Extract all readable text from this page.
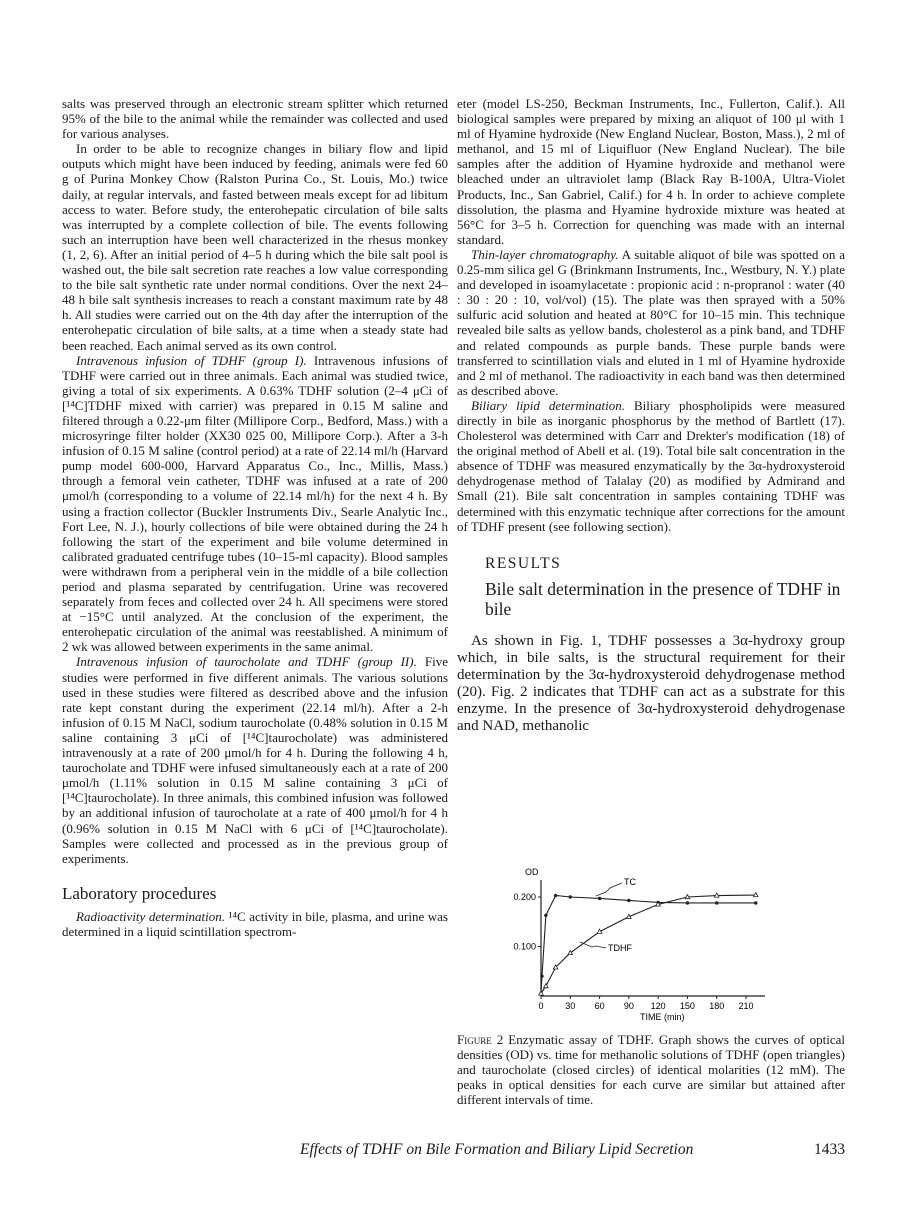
salts was preserved through an electronic stream splitter which returned 95% of the bile to the animal while the remainder was collected and used for various analyses.

In order to be able to recognize changes in biliary flow and lipid outputs which might have been induced by feeding, animals were fed 60 g of Purina Monkey Chow (Ralston Purina Co., St. Louis, Mo.) twice daily, at regular intervals, and fasted between meals except for ad libitum access to water. Before study, the enterohepatic circulation of bile salts was interrupted by a complete collection of bile. The events following such an interruption have been well characterized in the rhesus monkey (1, 2, 6). After an initial period of 4–5 h during which the bile salt pool is washed out, the bile salt secretion rate reaches a low value corresponding to the bile salt synthetic rate under normal conditions. Over the next 24–48 h bile salt synthesis increases to reach a constant maximum rate by 48 h. All studies were carried out on the 4th day after the interruption of the enterohepatic circulation of bile salts, at a time when a steady state had been reached. Each animal served as its own control.

Intravenous infusion of TDHF (group I). Intravenous infusions of TDHF were carried out in three animals. Each animal was studied twice, giving a total of six experiments. A 0.63% TDHF solution (2–4 μCi of [¹⁴C]TDHF mixed with carrier) was prepared in 0.15 M saline and filtered through a 0.22-μm filter (Millipore Corp., Bedford, Mass.) with a microsyringe filter holder (XX30 025 00, Millipore Corp.). After a 3-h infusion of 0.15 M saline (control period) at a rate of 22.14 ml/h (Harvard pump model 600-000, Harvard Apparatus Co., Inc., Millis, Mass.) through a femoral vein catheter, TDHF was infused at a rate of 200 μmol/h (corresponding to a volume of 22.14 ml/h) for the next 4 h. By using a fraction collector (Buckler Instruments Div., Searle Analytic Inc., Fort Lee, N. J.), hourly collections of bile were obtained during the 24 h following the start of the experiment and bile volume determined in calibrated graduated centrifuge tubes (10–15-ml capacity). Blood samples were withdrawn from a peripheral vein in the middle of a bile collection period and plasma separated by centrifugation. Urine was recovered separately from feces and collected over 24 h. All specimens were stored at −15°C until analyzed. At the conclusion of the experiment, the enterohepatic circulation of the animal was reestablished. A minimum of 2 wk was allowed between experiments in the same animal.

Intravenous infusion of taurocholate and TDHF (group II). Five studies were performed in five different animals. The various solutions used in these studies were filtered as described above and the infusion rate kept constant during the experiment (22.14 ml/h). After a 2-h infusion of 0.15 M NaCl, sodium taurocholate (0.48% solution in 0.15 M saline containing 3 μCi of [¹⁴C]taurocholate) was administered intravenously at a rate of 200 μmol/h for 4 h. During the following 4 h, taurocholate and TDHF were infused simultaneously each at a rate of 200 μmol/h (1.11% solution in 0.15 M saline containing 3 μCi of [¹⁴C]taurocholate). In three animals, this combined infusion was followed by an additional infusion of taurocholate at a rate of 400 μmol/h for 4 h (0.96% solution in 0.15 M NaCl with 6 μCi of [¹⁴C]taurocholate). Samples were collected and processed as in the previous group of experiments.

Laboratory procedures

Radioactivity determination. ¹⁴C activity in bile, plasma, and urine was determined in a liquid scintillation spectrom-

eter (model LS-250, Beckman Instruments, Inc., Fullerton, Calif.). All biological samples were prepared by mixing an aliquot of 100 μl with 1 ml of Hyamine hydroxide (New England Nuclear, Boston, Mass.), 2 ml of methanol, and 15 ml of Liquifluor (New England Nuclear). The bile samples after the addition of Hyamine hydroxide and methanol were bleached under an ultraviolet lamp (Black Ray B-100A, Ultra-Violet Products, Inc., San Gabriel, Calif.) for 4 h. In order to achieve complete dissolution, the plasma and Hyamine hydroxide mixture was heated at 56°C for 3–5 h. Correction for quenching was made with an internal standard.

Thin-layer chromatography. A suitable aliquot of bile was spotted on a 0.25-mm silica gel G (Brinkmann Instruments, Inc., Westbury, N. Y.) plate and developed in isoamylacetate : propionic acid : n-propranol : water (40 : 30 : 20 : 10, vol/vol) (15). The plate was then sprayed with a 50% sulfuric acid solution and heated at 80°C for 10–15 min. This technique revealed bile salts as yellow bands, cholesterol as a pink band, and TDHF and related compounds as purple bands. These purple bands were transferred to scintillation vials and eluted in 1 ml of Hyamine hydroxide and 2 ml of methanol. The radioactivity in each band was then determined as described above.

Biliary lipid determination. Biliary phospholipids were measured directly in bile as inorganic phosphorus by the method of Bartlett (17). Cholesterol was determined with Carr and Drekter's modification (18) of the original method of Abell et al. (19). Total bile salt concentration in the absence of TDHF was measured enzymatically by the 3α-hydroxysteroid dehydrogenase method of Talalay (20) as modified by Admirand and Small (21). Bile salt concentration in samples containing TDHF was determined with this enzymatic technique after corrections for the amount of TDHF present (see following section).

RESULTS
Bile salt determination in the presence of TDHF in bile

As shown in Fig. 1, TDHF possesses a 3α-hydroxy group which, in bile salts, is the structural requirement for their determination by the 3α-hydroxysteroid dehydrogenase method (20). Fig. 2 indicates that TDHF can act as a substrate for this enzyme. In the presence of 3α-hydroxysteroid dehydrogenase and NAD, methanolic

0 30 60 90 120 150 180 210
0.100
0.200
OD
TIME (min)
TC
TDHF
Figure 2 Enzymatic assay of TDHF. Graph shows the curves of optical densities (OD) vs. time for methanolic solutions of TDHF (open triangles) and taurocholate (closed circles) of identical molarities (12 mM). The peaks in optical densities for each curve are similar but attained after different intervals of time.
Effects of TDHF on Bile Formation and Biliary Lipid Secretion	1433
